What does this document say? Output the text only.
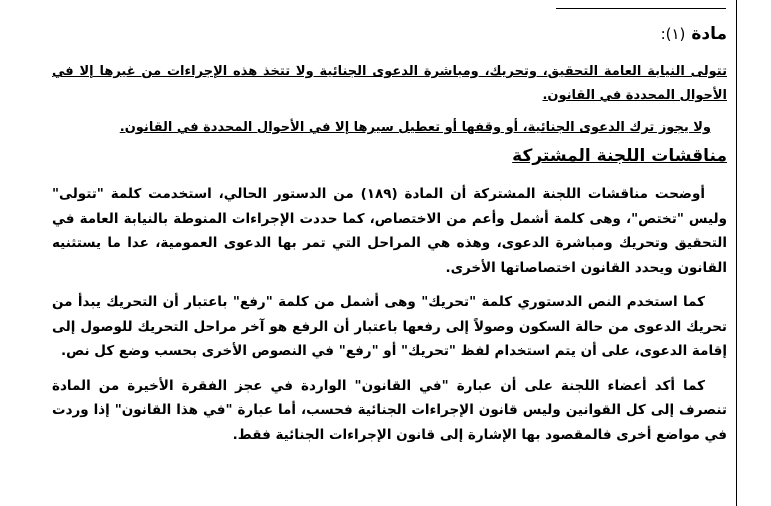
مادة (١):

تتولى النيابة العامة التحقيق، وتحريك، ومباشرة الدعوى الجنائية ولا تتخذ هذه الإجراءات من غيرها إلا في الأحوال المحددة في القانون.

ولا يجوز ترك الدعوى الجنائية، أو وقفها أو تعطيل سيرها إلا في الأحوال المحددة في القانون.
مناقشات اللجنة المشتركة

أوضحت مناقشات اللجنة المشتركة أن المادة (١٨٩) من الدستور الحالي، استخدمت كلمة "تتولى" وليس "تختص"، وهى كلمة أشمل وأعم من الاختصاص، كما حددت الإجراءات المنوطة بالنيابة العامة في التحقيق وتحريك ومباشرة الدعوى، وهذه هي المراحل التي تمر بها الدعوى العمومية، عدا ما يستثنيه القانون ويحدد القانون اختصاصاتها الأخرى.

كما استخدم النص الدستوري كلمة "تحريك" وهى أشمل من كلمة "رفع" باعتبار أن التحريك يبدأ من تحريك الدعوى من حالة السكون وصولاً إلى رفعها باعتبار أن الرفع هو آخر مراحل التحريك للوصول إلى إقامة الدعوى، على أن يتم استخدام لفظ "تحريك" أو "رفع" في النصوص الأخرى بحسب وضع كل نص.

كما أكد أعضاء اللجنة على أن عبارة "في القانون" الواردة في عجز الفقرة الأخيرة من المادة تنصرف إلى كل القوانين وليس قانون الإجراءات الجنائية فحسب، أما عبارة "في هذا القانون" إذا وردت في مواضع أخرى فالمقصود بها الإشارة إلى قانون الإجراءات الجنائية فقط.
